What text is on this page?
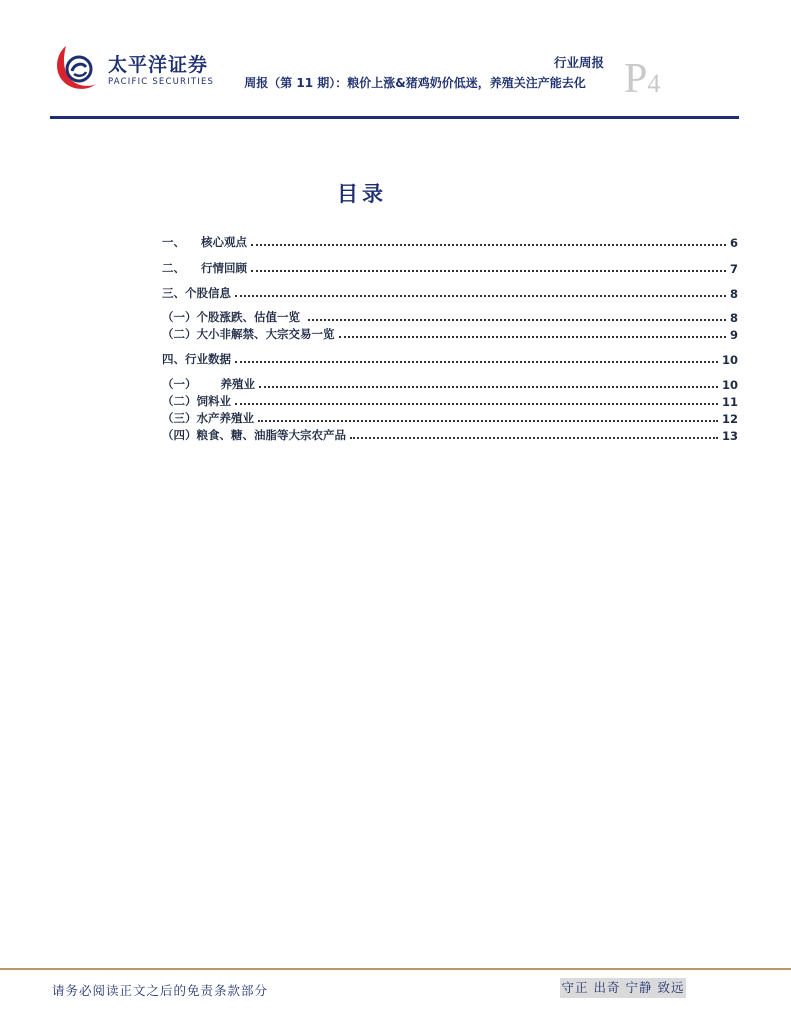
太平洋证券
PACIFIC SECURITIES
行业周报
周报（第 11 期）：粮价上涨&猪鸡奶价低迷，养殖关注产能去化 P4
目录
一、    核心观点	6
二、    行情回顾	7
三、个股信息	8
（一）个股涨跌、估值一览	8
（二）大小非解禁、大宗交易一览	9
四、行业数据	10
（一）      养殖业	10
（二）饲料业	11
（三）水产养殖业	12
（四）粮食、糖、油脂等大宗农产品	13
请务必阅读正文之后的免责条款部分	守正 出奇 宁静 致远
